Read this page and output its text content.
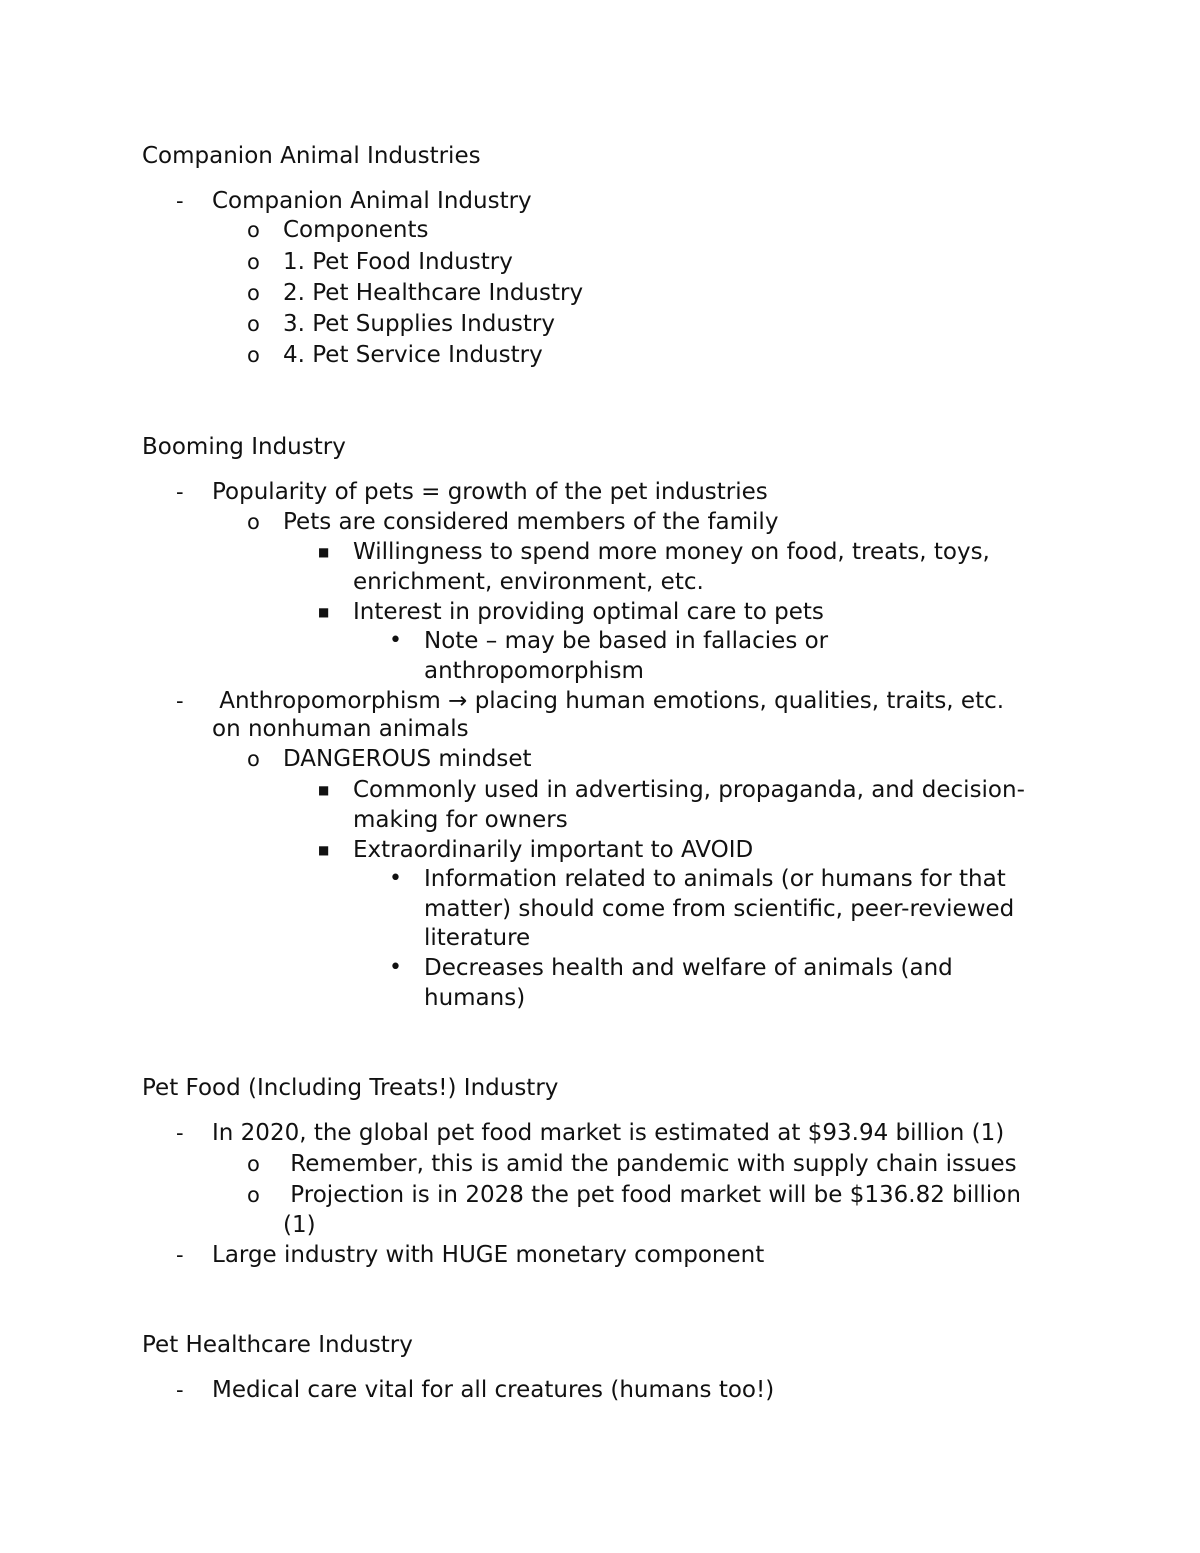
Companion Animal Industries
- Companion Animal Industry
o Components
o 1. Pet Food Industry
o 2. Pet Healthcare Industry
o 3. Pet Supplies Industry
o 4. Pet Service Industry
Booming Industry
- Popularity of pets = growth of the pet industries
o Pets are considered members of the family
■ Willingness to spend more money on food, treats, toys,
enrichment, environment, etc.
■ Interest in providing optimal care to pets
• Note – may be based in fallacies or
anthropomorphism
- Anthropomorphism → placing human emotions, qualities, traits, etc.
on nonhuman animals
o DANGEROUS mindset
■ Commonly used in advertising, propaganda, and decision-
making for owners
■ Extraordinarily important to AVOID
• Information related to animals (or humans for that
matter) should come from scientific, peer-reviewed
literature
• Decreases health and welfare of animals (and
humans)
Pet Food (Including Treats!) Industry
- In 2020, the global pet food market is estimated at $93.94 billion (1)
o Remember, this is amid the pandemic with supply chain issues
o Projection is in 2028 the pet food market will be $136.82 billion
(1)
- Large industry with HUGE monetary component
Pet Healthcare Industry
- Medical care vital for all creatures (humans too!)
